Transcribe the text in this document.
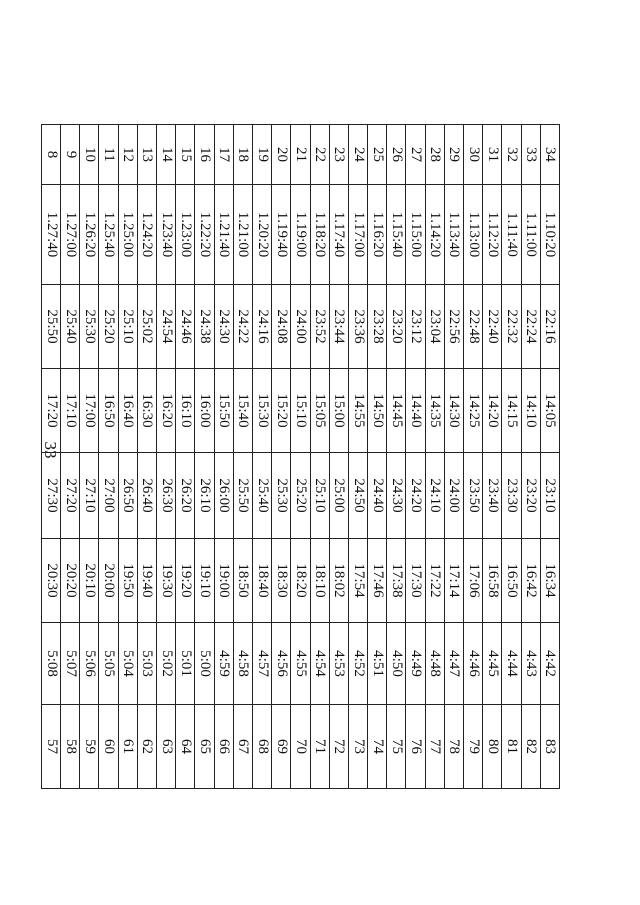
33
34	1.10:20	22:16	14:05	23:10	16:34	4:42	83
33	1.11:00	22:24	14:10	23:20	16:42	4:43	82
32	1.11:40	22:32	14:15	23:30	16:50	4:44	81
31	1.12:20	22:40	14:20	23:40	16:58	4:45	80
30	1.13:00	22:48	14:25	23:50	17:06	4:46	79
29	1.13:40	22:56	14:30	24:00	17:14	4:47	78
28	1.14:20	23:04	14:35	24:10	17:22	4:48	77
27	1.15:00	23:12	14:40	24:20	17:30	4:49	76
26	1.15:40	23:20	14:45	24:30	17:38	4:50	75
25	1.16:20	23:28	14:50	24:40	17:46	4:51	74
24	1.17:00	23:36	14:55	24:50	17:54	4:52	73
23	1.17:40	23:44	15:00	25:00	18:02	4:53	72
22	1.18:20	23:52	15:05	25:10	18:10	4:54	71
21	1.19:00	24:00	15:10	25:20	18:20	4:55	70
20	1.19:40	24:08	15:20	25:30	18:30	4:56	69
19	1.20:20	24:16	15:30	25:40	18:40	4:57	68
18	1.21:00	24:22	15:40	25:50	18:50	4:58	67
17	1.21:40	24:30	15:50	26:00	19:00	4:59	66
16	1.22:20	24:38	16:00	26:10	19:10	5:00	65
15	1.23:00	24:46	16:10	26:20	19:20	5:01	64
14	1.23:40	24:54	16:20	26:30	19:30	5:02	63
13	1.24:20	25:02	16:30	26:40	19:40	5:03	62
12	1.25:00	25:10	16:40	26:50	19:50	5:04	61
11	1.25:40	25:20	16:50	27:00	20:00	5:05	60
10	1.26:20	25:30	17:00	27:10	20:10	5:06	59
9	1.27:00	25:40	17:10	27:20	20:20	5:07	58
8	1.27:40	25:50	17:20	27:30	20:30	5:08	57
